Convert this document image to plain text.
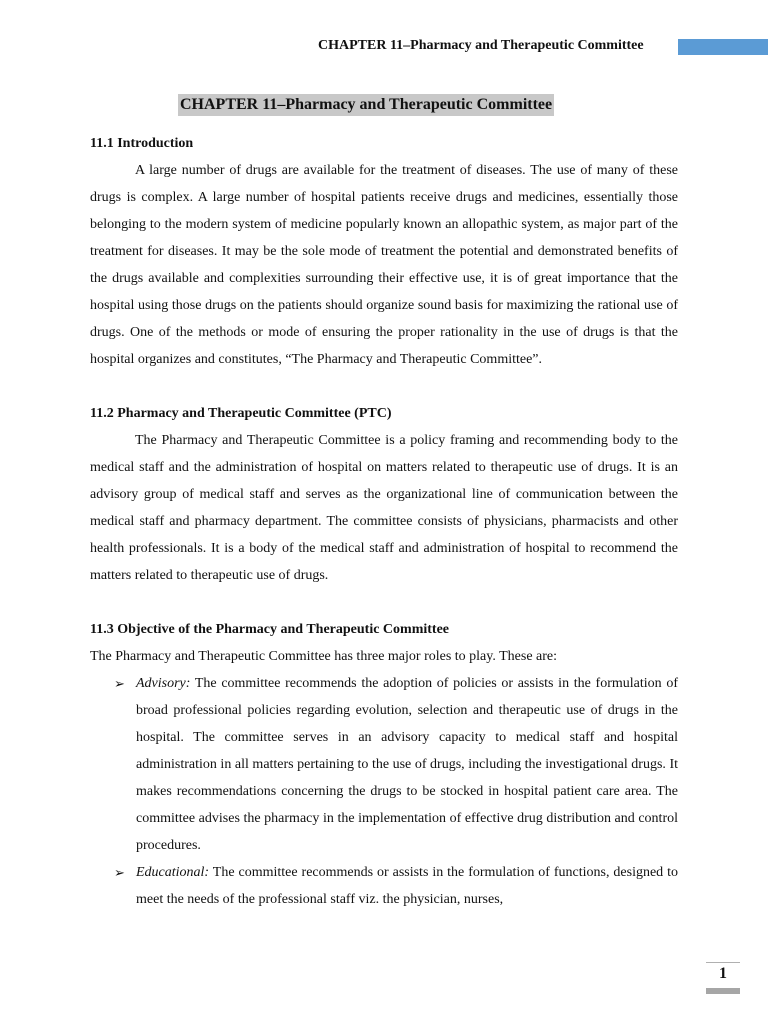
CHAPTER 11–Pharmacy and Therapeutic Committee
CHAPTER 11–Pharmacy and Therapeutic Committee

11.1 Introduction

A large number of drugs are available for the treatment of diseases. The use of many of these drugs is complex. A large number of hospital patients receive drugs and medicines, essentially those belonging to the modern system of medicine popularly known an allopathic system, as major part of the treatment for diseases. It may be the sole mode of treatment the potential and demonstrated benefits of the drugs available and complexities surrounding their effective use, it is of great importance that the hospital using those drugs on the patients should organize sound basis for maximizing the rational use of drugs. One of the methods or mode of ensuring the proper rationality in the use of drugs is that the hospital organizes and constitutes, “The Pharmacy and Therapeutic Committee”.

11.2 Pharmacy and Therapeutic Committee (PTC)

The Pharmacy and Therapeutic Committee is a policy framing and recommending body to the medical staff and the administration of hospital on matters related to therapeutic use of drugs. It is an advisory group of medical staff and serves as the organizational line of communication between the medical staff and pharmacy department. The committee consists of physicians, pharmacists and other health professionals. It is a body of the medical staff and administration of hospital to recommend the matters related to therapeutic use of drugs.

11.3 Objective of the Pharmacy and Therapeutic Committee

The Pharmacy and Therapeutic Committee has three major roles to play. These are:

➢ Advisory: The committee recommends the adoption of policies or assists in the formulation of broad professional policies regarding evolution, selection and therapeutic use of drugs in the hospital. The committee serves in an advisory capacity to medical staff and hospital administration in all matters pertaining to the use of drugs, including the investigational drugs. It makes recommendations concerning the drugs to be stocked in hospital patient care area. The committee advises the pharmacy in the implementation of effective drug distribution and control procedures.
➢ Educational: The committee recommends or assists in the formulation of functions, designed to meet the needs of the professional staff viz. the physician, nurses,
1
